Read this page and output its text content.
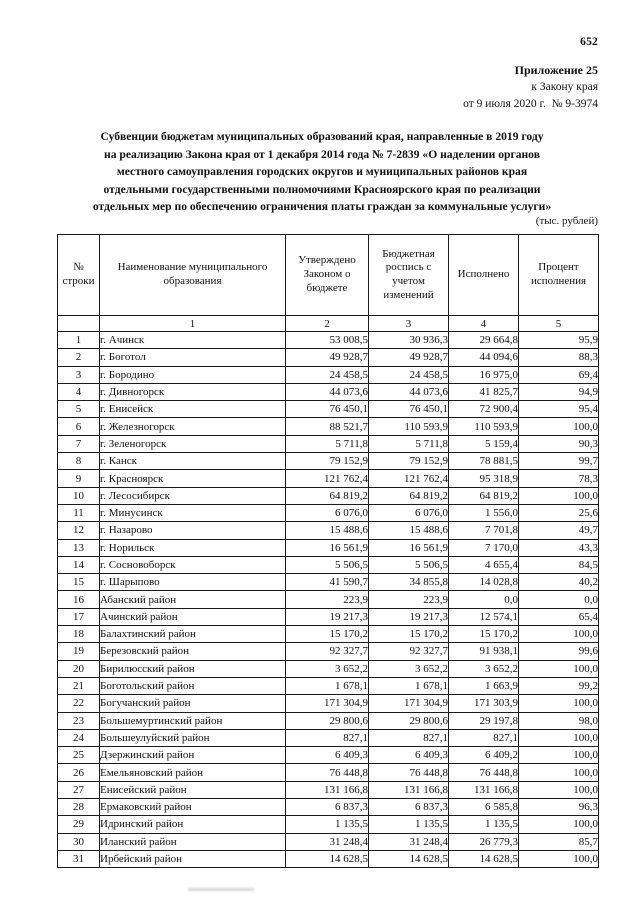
652
Приложение 25
к Закону края
от 9 июля 2020 г.  № 9-3974
Субвенции бюджетам муниципальных образований края, направленные в 2019 году
на реализацию Закона края от 1 декабря 2014 года № 7-2839 «О наделении органов
местного самоуправления городских округов и муниципальных районов края
отдельными государственными полномочиями Красноярского края по реализации
отдельных мер по обеспечению ограничения платы граждан за коммунальные услуги»
(тыс. рублей)
№ строки	Наименование муниципального образования	Утверждено Законом о бюджете	Бюджетная роспись с учетом изменений	Исполнено	Процент исполнения
	1	2	3	4	5
1	г. Ачинск	53 008,5	30 936,3	29 664,8	95,9
2	г. Боготол	49 928,7	49 928,7	44 094,6	88,3
3	г. Бородино	24 458,5	24 458,5	16 975,0	69,4
4	г. Дивногорск	44 073,6	44 073,6	41 825,7	94,9
5	г. Енисейск	76 450,1	76 450,1	72 900,4	95,4
6	г. Железногорск	88 521,7	110 593,9	110 593,9	100,0
7	г. Зеленогорск	5 711,8	5 711,8	5 159,4	90,3
8	г. Канск	79 152,9	79 152,9	78 881,5	99,7
9	г. Красноярск	121 762,4	121 762,4	95 318,9	78,3
10	г. Лесосибирск	64 819,2	64 819,2	64 819,2	100,0
11	г. Минусинск	6 076,0	6 076,0	1 556,0	25,6
12	г. Назарово	15 488,6	15 488,6	7 701,8	49,7
13	г. Норильск	16 561,9	16 561,9	7 170,0	43,3
14	г. Сосновоборск	5 506,5	5 506,5	4 655,4	84,5
15	г. Шарыпово	41 590,7	34 855,8	14 028,8	40,2
16	Абанский район	223,9	223,9	0,0	0,0
17	Ачинский район	19 217,3	19 217,3	12 574,1	65,4
18	Балахтинский район	15 170,2	15 170,2	15 170,2	100,0
19	Березовский район	92 327,7	92 327,7	91 938,1	99,6
20	Бирилюсский район	3 652,2	3 652,2	3 652,2	100,0
21	Боготольский район	1 678,1	1 678,1	1 663,9	99,2
22	Богучанский район	171 304,9	171 304,9	171 303,9	100,0
23	Большемуртинский район	29 800,6	29 800,6	29 197,8	98,0
24	Большеулуйский район	827,1	827,1	827,1	100,0
25	Дзержинский район	6 409,3	6 409,3	6 409,2	100,0
26	Емельяновский район	76 448,8	76 448,8	76 448,8	100,0
27	Енисейский район	131 166,8	131 166,8	131 166,8	100,0
28	Ермаковский район	6 837,3	6 837,3	6 585,8	96,3
29	Идринский район	1 135,5	1 135,5	1 135,5	100,0
30	Иланский район	31 248,4	31 248,4	26 779,3	85,7
31	Ирбейский район	14 628,5	14 628,5	14 628,5	100,0
